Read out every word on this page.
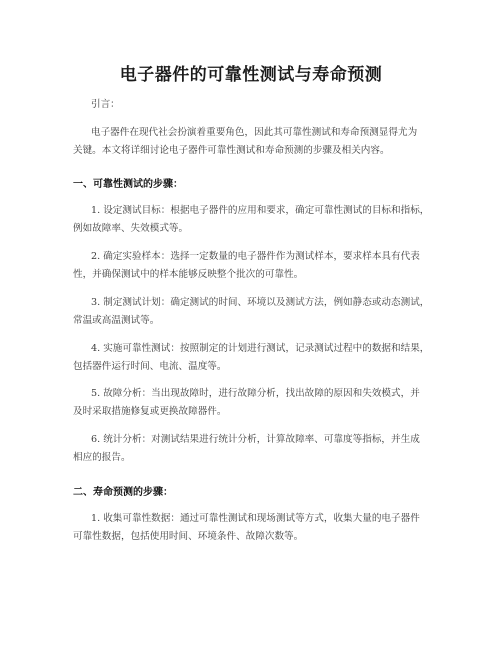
电子器件的可靠性测试与寿命预测
引言：
电子器件在现代社会扮演着重要角色，因此其可靠性测试和寿命预测显得尤为
关键。本文将详细讨论电子器件可靠性测试和寿命预测的步骤及相关内容。
一、可靠性测试的步骤：
1. 设定测试目标：根据电子器件的应用和要求，确定可靠性测试的目标和指标，
例如故障率、失效模式等。
2. 确定实验样本：选择一定数量的电子器件作为测试样本，要求样本具有代表
性，并确保测试中的样本能够反映整个批次的可靠性。
3. 制定测试计划：确定测试的时间、环境以及测试方法，例如静态或动态测试，
常温或高温测试等。
4. 实施可靠性测试：按照制定的计划进行测试，记录测试过程中的数据和结果，
包括器件运行时间、电流、温度等。
5. 故障分析：当出现故障时，进行故障分析，找出故障的原因和失效模式，并
及时采取措施修复或更换故障器件。
6. 统计分析：对测试结果进行统计分析，计算故障率、可靠度等指标，并生成
相应的报告。
二、寿命预测的步骤：
1. 收集可靠性数据：通过可靠性测试和现场测试等方式，收集大量的电子器件
可靠性数据，包括使用时间、环境条件、故障次数等。
